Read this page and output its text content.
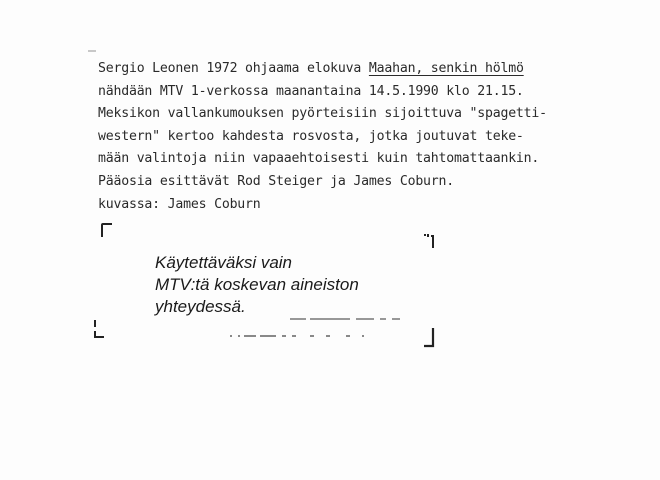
Sergio Leonen 1972 ohjaama elokuva Maahan, senkin hölmö
nähdään MTV 1-verkossa maanantaina 14.5.1990 klo 21.15.
Meksikon vallankumouksen pyörteisiin sijoittuva "spagetti-
western" kertoo kahdesta rosvosta, jotka joutuvat teke-
mään valintoja niin vapaaehtoisesti kuin tahtomattaankin.
Pääosia esittävät Rod Steiger ja James Coburn.
kuvassa: James Coburn
Käytettäväksi vain
MTV:tä koskevan aineiston
yhteydessä.
